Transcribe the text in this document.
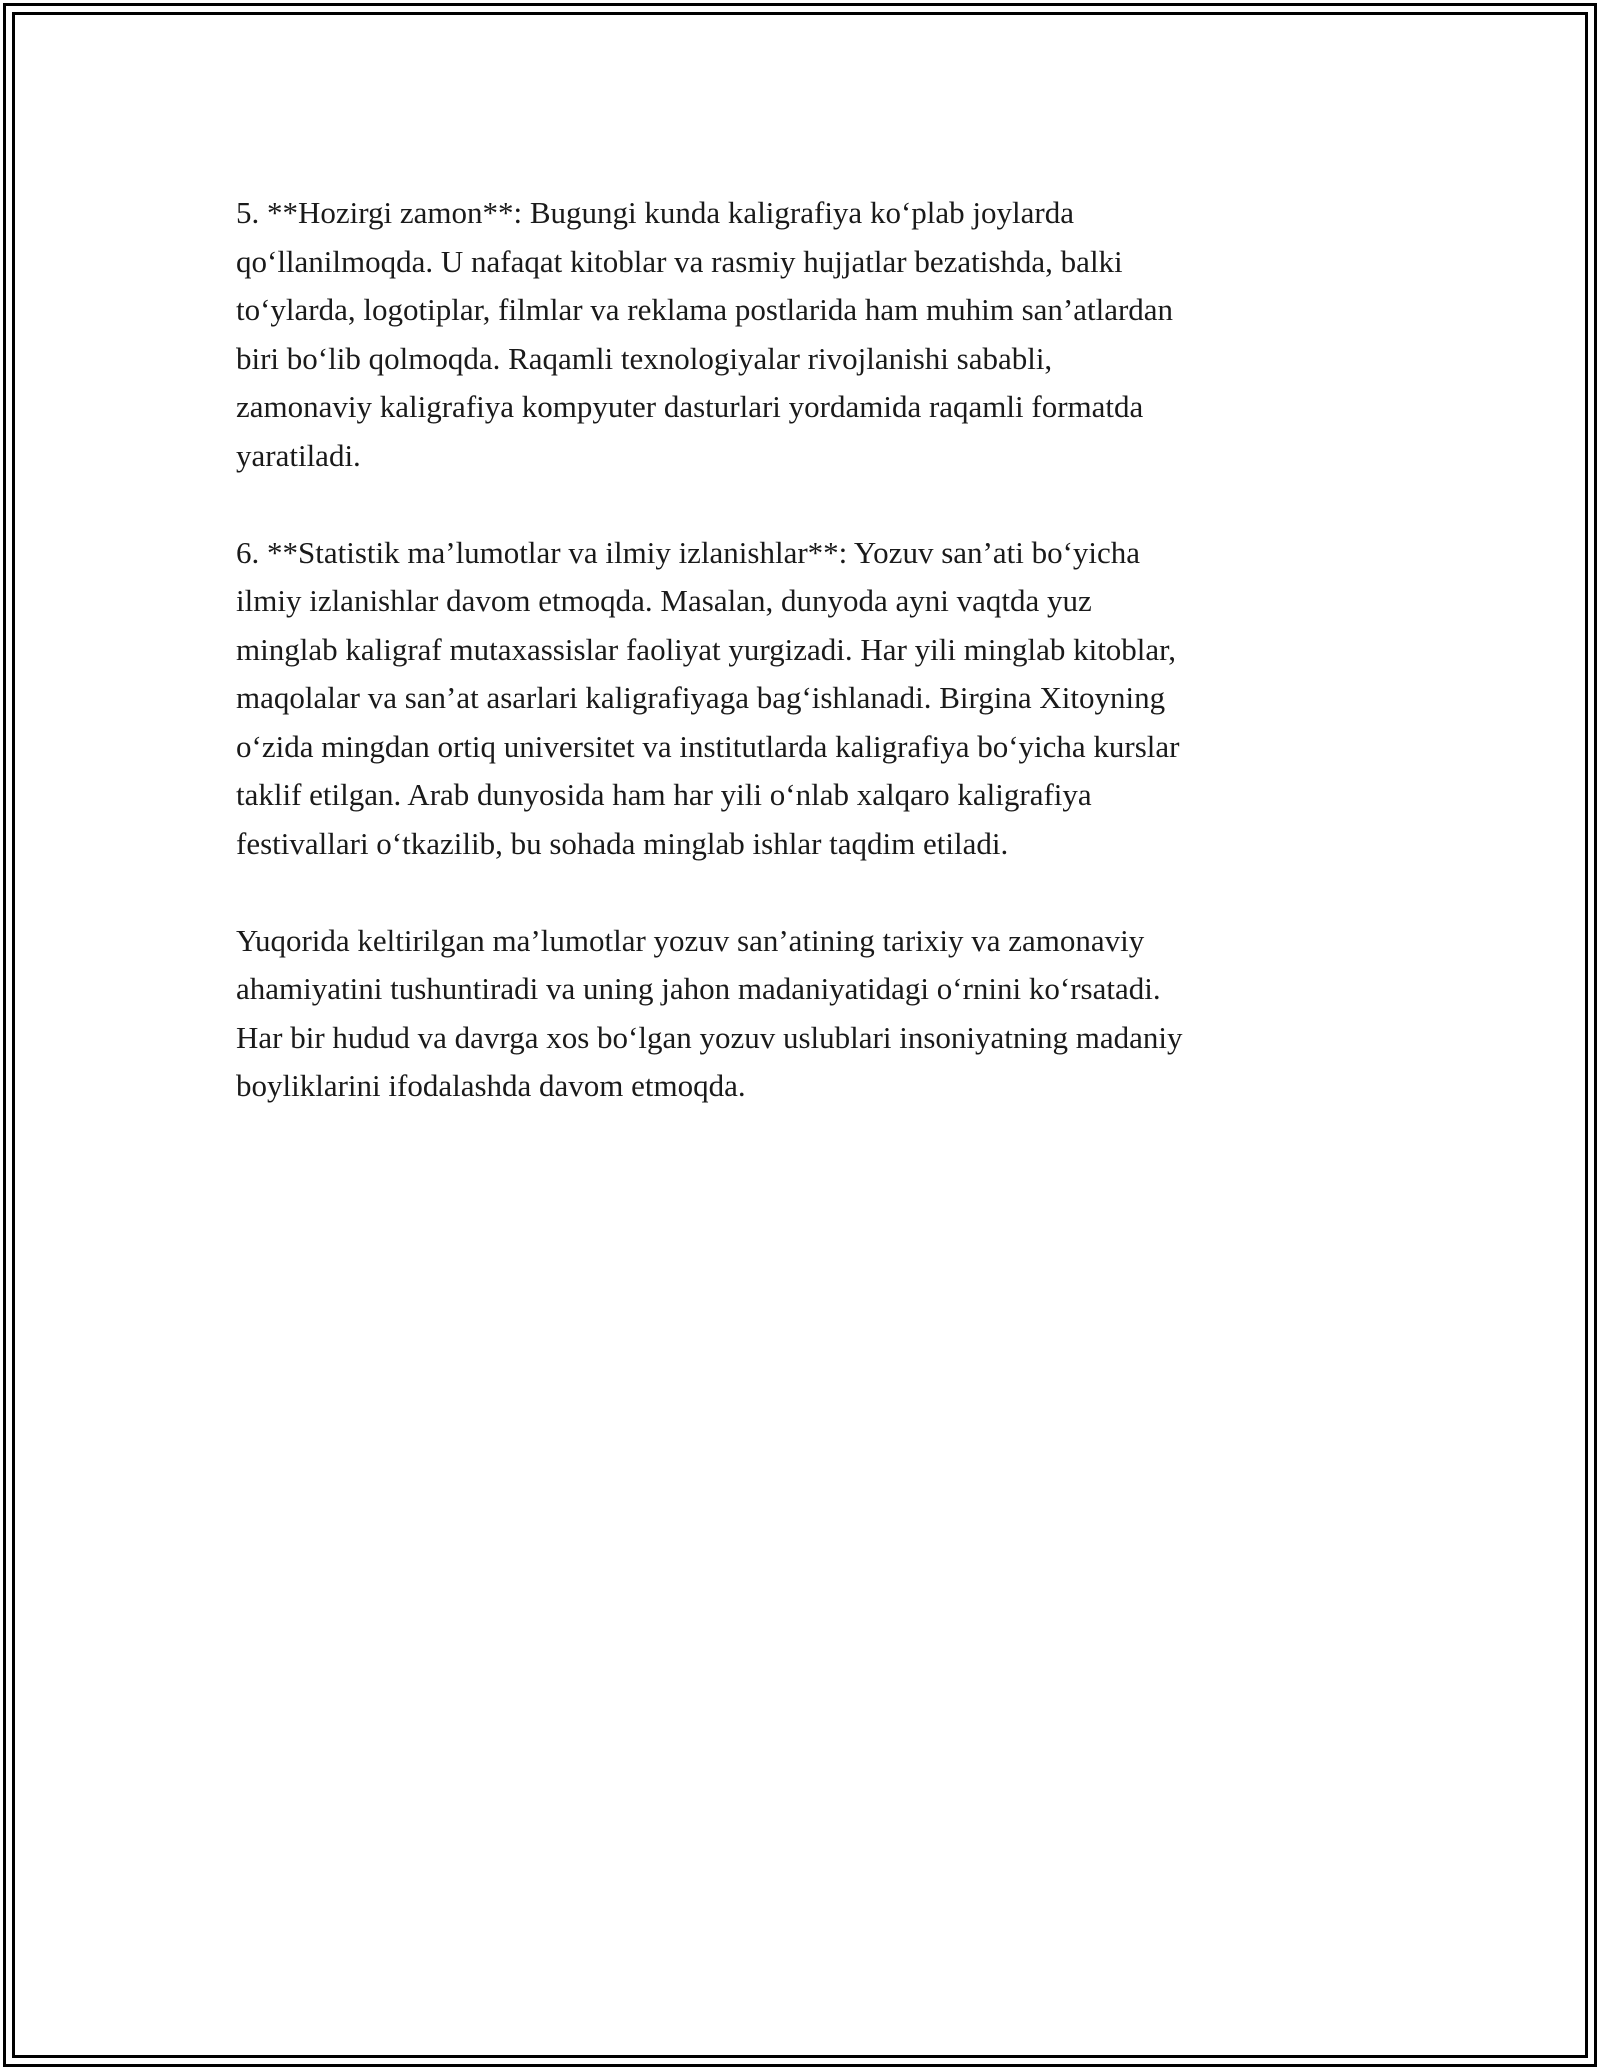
5. **Hozirgi zamon**: Bugungi kunda kaligrafiya ko‘plab joylarda
qo‘llanilmoqda. U nafaqat kitoblar va rasmiy hujjatlar bezatishda, balki
to‘ylarda, logotiplar, filmlar va reklama postlarida ham muhim san’atlardan
biri bo‘lib qolmoqda. Raqamli texnologiyalar rivojlanishi sababli,
zamonaviy kaligrafiya kompyuter dasturlari yordamida raqamli formatda
yaratiladi.

6. **Statistik ma’lumotlar va ilmiy izlanishlar**: Yozuv san’ati bo‘yicha
ilmiy izlanishlar davom etmoqda. Masalan, dunyoda ayni vaqtda yuz
minglab kaligraf mutaxassislar faoliyat yurgizadi. Har yili minglab kitoblar,
maqolalar va san’at asarlari kaligrafiyaga bag‘ishlanadi. Birgina Xitoyning
o‘zida mingdan ortiq universitet va institutlarda kaligrafiya bo‘yicha kurslar
taklif etilgan. Arab dunyosida ham har yili o‘nlab xalqaro kaligrafiya
festivallari o‘tkazilib, bu sohada minglab ishlar taqdim etiladi.

Yuqorida keltirilgan ma’lumotlar yozuv san’atining tarixiy va zamonaviy
ahamiyatini tushuntiradi va uning jahon madaniyatidagi o‘rnini ko‘rsatadi.
Har bir hudud va davrga xos bo‘lgan yozuv uslublari insoniyatning madaniy
boyliklarini ifodalashda davom etmoqda.
